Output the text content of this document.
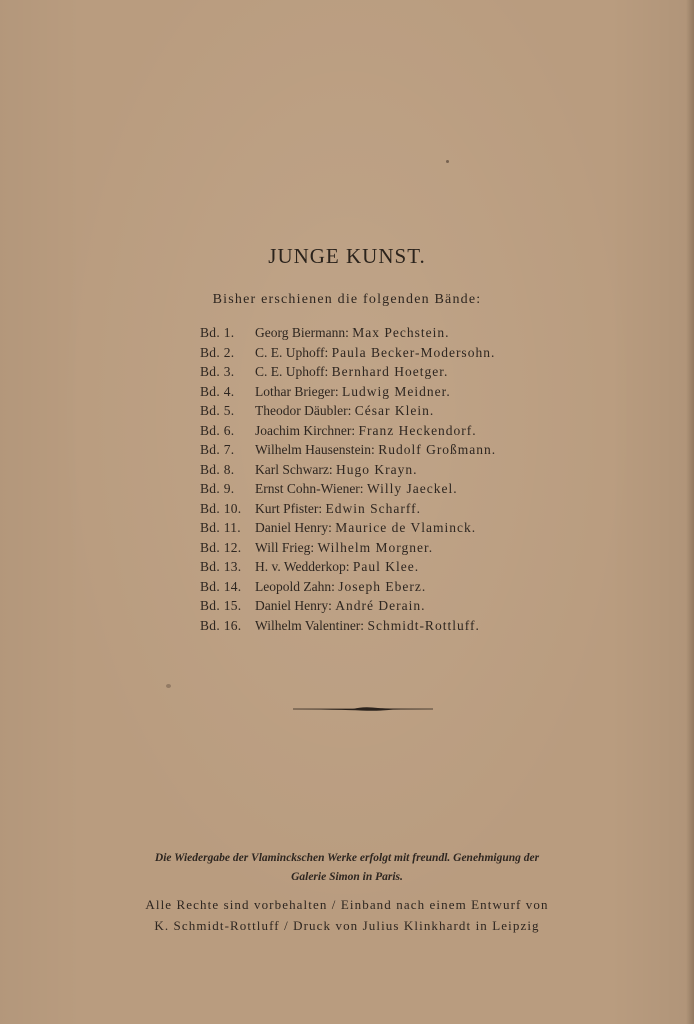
JUNGE KUNST.
Bisher erschienen die folgenden Bände:
Bd. 1. Georg Biermann: Max Pechstein.
Bd. 2. C. E. Uphoff: Paula Becker-Modersohn.
Bd. 3. C. E. Uphoff: Bernhard Hoetger.
Bd. 4. Lothar Brieger: Ludwig Meidner.
Bd. 5. Theodor Däubler: César Klein.
Bd. 6. Joachim Kirchner: Franz Heckendorf.
Bd. 7. Wilhelm Hausenstein: Rudolf Großmann.
Bd. 8. Karl Schwarz: Hugo Krayn.
Bd. 9. Ernst Cohn-Wiener: Willy Jaeckel.
Bd. 10. Kurt Pfister: Edwin Scharff.
Bd. 11. Daniel Henry: Maurice de Vlaminck.
Bd. 12. Will Frieg: Wilhelm Morgner.
Bd. 13. H. v. Wedderkop: Paul Klee.
Bd. 14. Leopold Zahn: Joseph Eberz.
Bd. 15. Daniel Henry: André Derain.
Bd. 16. Wilhelm Valentiner: Schmidt-Rottluff.
Die Wiedergabe der Vlaminckschen Werke erfolgt mit freundl. Genehmigung der
Galerie Simon in Paris.
Alle Rechte sind vorbehalten / Einband nach einem Entwurf von
K. Schmidt-Rottluff / Druck von Julius Klinkhardt in Leipzig
